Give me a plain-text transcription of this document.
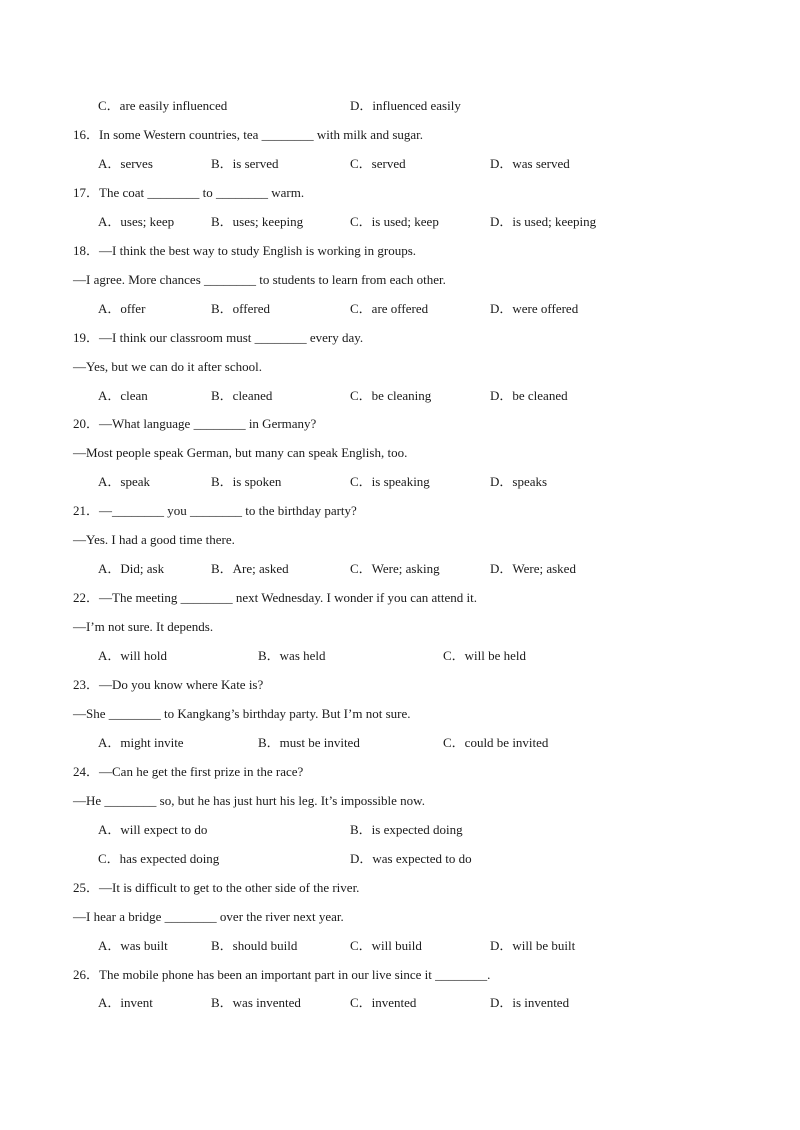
C．are easily influenced	D．influenced easily
16．In some Western countries, tea ________ with milk and sugar.
A．serves	B．is served	C．served	D．was served
17．The coat ________ to ________ warm.
A．uses; keep	B．uses; keeping	C．is used; keep	D．is used; keeping
18．—I think the best way to study English is working in groups.
—I agree. More chances ________ to students to learn from each other.
A．offer	B．offered	C．are offered	D．were offered
19．—I think our classroom must ________ every day.
—Yes, but we can do it after school.
A．clean	B．cleaned	C．be cleaning	D．be cleaned
20．—What language ________ in Germany?
—Most people speak German, but many can speak English, too.
A．speak	B．is spoken	C．is speaking	D．speaks
21．—________ you ________ to the birthday party?
—Yes. I had a good time there.
A．Did; ask	B．Are; asked	C．Were; asking	D．Were; asked
22．—The meeting ________ next Wednesday. I wonder if you can attend it.
—I’m not sure. It depends.
A．will hold	B．was held	C．will be held
23．—Do you know where Kate is?
—She ________ to Kangkang’s birthday party. But I’m not sure.
A．might invite	B．must be invited	C．could be invited
24．—Can he get the first prize in the race?
—He ________ so, but he has just hurt his leg. It’s impossible now.
A．will expect to do	B．is expected doing
C．has expected doing	D．was expected to do
25．—It is difficult to get to the other side of the river.
—I hear a bridge ________ over the river next year.
A．was built	B．should build	C．will build	D．will be built
26．The mobile phone has been an important part in our live since it ________.
A．invent	B．was invented	C．invented	D．is invented
